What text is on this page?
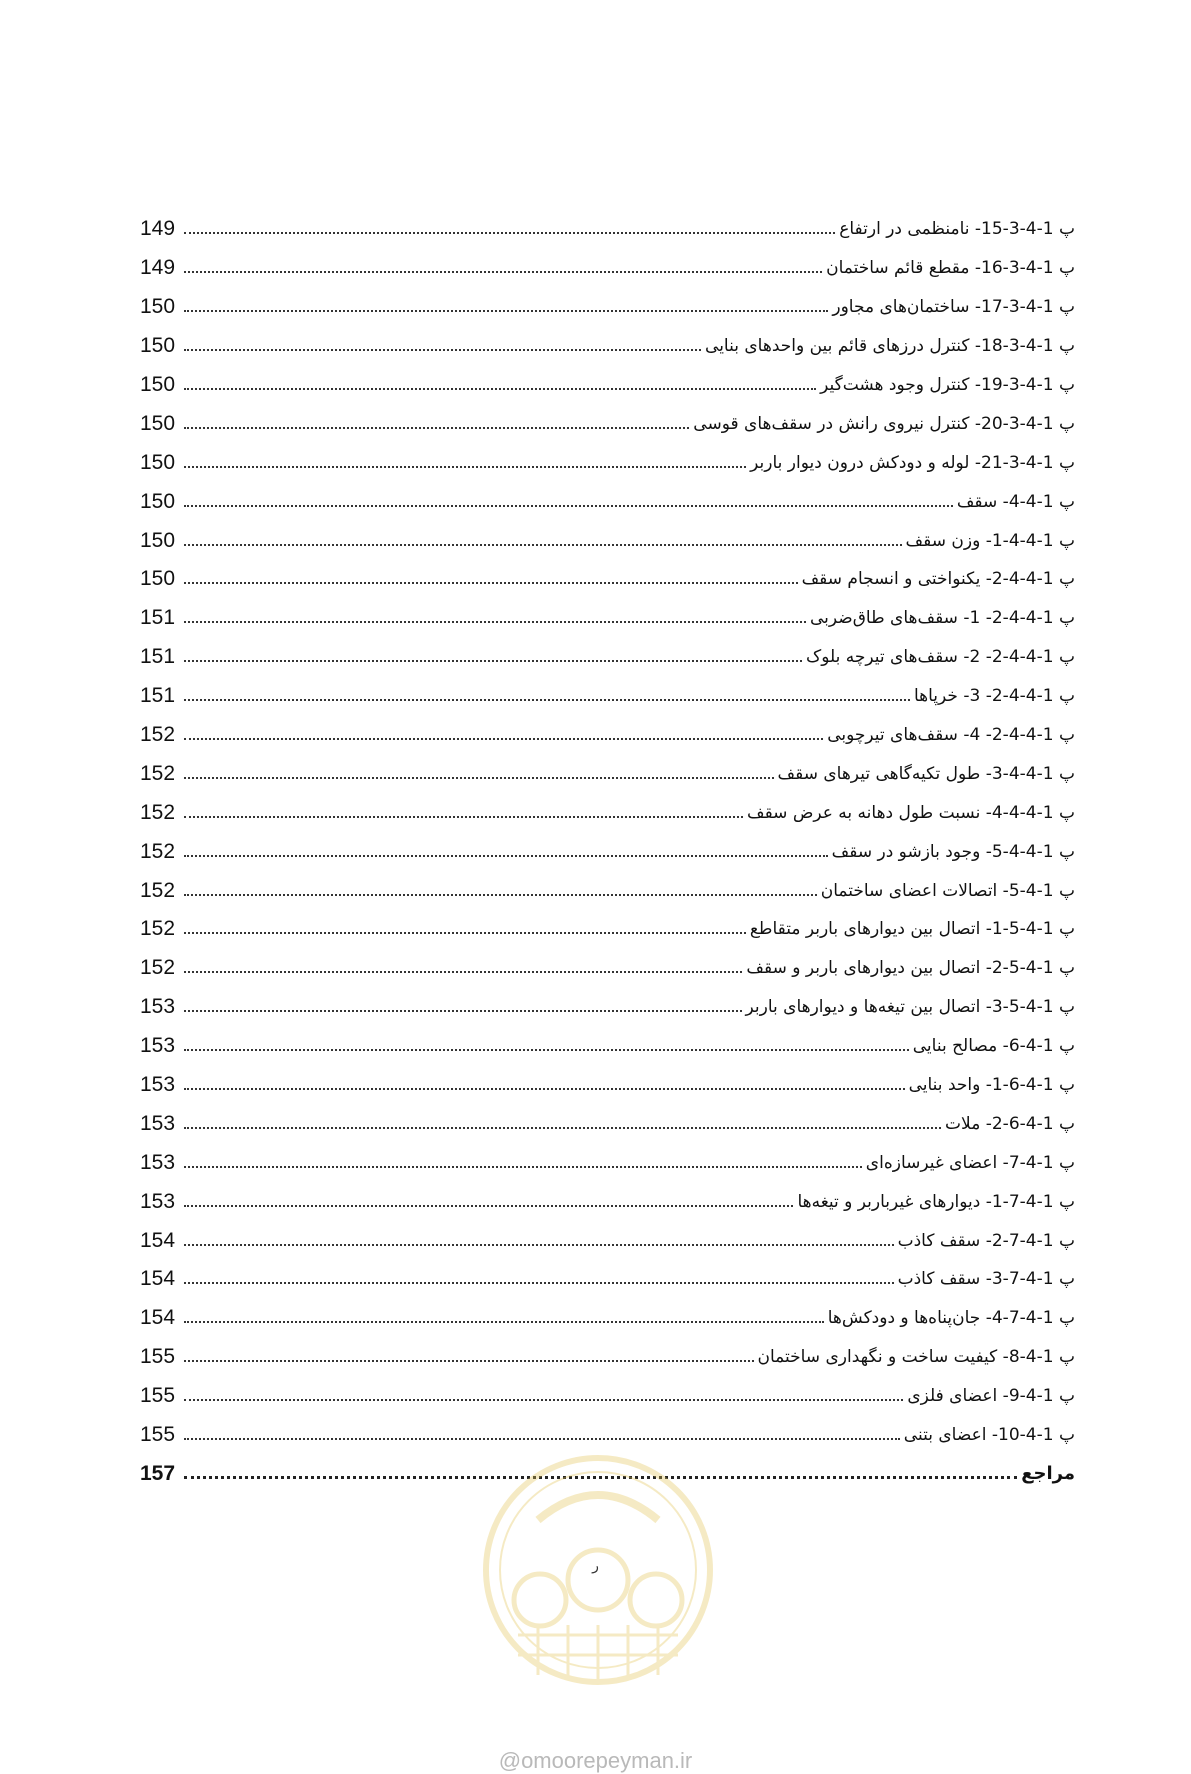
149	پ 1-4-3-15- نامنظمی در ارتفاع
149	پ 1-4-3-16- مقطع قائم ساختمان
150	پ 1-4-3-17- ساختمان‌های مجاور
150	پ 1-4-3-18- کنترل درزهای قائم بین واحدهای بنایی
150	پ 1-4-3-19- کنترل وجود هشت‌گیر
150	پ 1-4-3-20- کنترل نیروی رانش در سقف‌های قوسی
150	پ 1-4-3-21- لوله و دودکش درون دیوار باربر
150	پ 1-4-4- سقف
150	پ 1-4-4-1- وزن سقف
150	پ 1-4-4-2- یکنواختی و انسجام سقف
151	پ 1-4-4-2- 1- سقف‌های طاق‌ضربی
151	پ 1-4-4-2- 2- سقف‌های تیرچه بلوک
151	پ 1-4-4-2- 3- خرپاها
152	پ 1-4-4-2- 4- سقف‌های تیرچوبی
152	پ 1-4-4-3- طول تکیه‌گاهی تیرهای سقف
152	پ 1-4-4-4- نسبت طول دهانه به عرض سقف
152	پ 1-4-4-5- وجود بازشو در سقف
152	پ 1-4-5- اتصالات اعضای ساختمان
152	پ 1-4-5-1- اتصال بین دیوارهای باربر متقاطع
152	پ 1-4-5-2- اتصال بین دیوارهای باربر و سقف
153	پ 1-4-5-3- اتصال بین تیغه‌ها و دیوارهای باربر
153	پ 1-4-6- مصالح بنایی
153	پ 1-4-6-1- واحد بنایی
153	پ 1-4-6-2- ملات
153	پ 1-4-7- اعضای غیرسازه‌ای
153	پ 1-4-7-1- دیوارهای غیرباربر و تیغه‌ها
154	پ 1-4-7-2- سقف کاذب
154	پ 1-4-7-3- سقف کاذب
154	پ 1-4-7-4- جان‌پناه‌ها و دودکش‌ها
155	پ 1-4-8- کیفیت ساخت و نگهداری ساختمان
155	پ 1-4-9- اعضای فلزی
155	پ 1-4-10- اعضای بتنی
157	مراجع
ر
@omoorepeyman.ir
